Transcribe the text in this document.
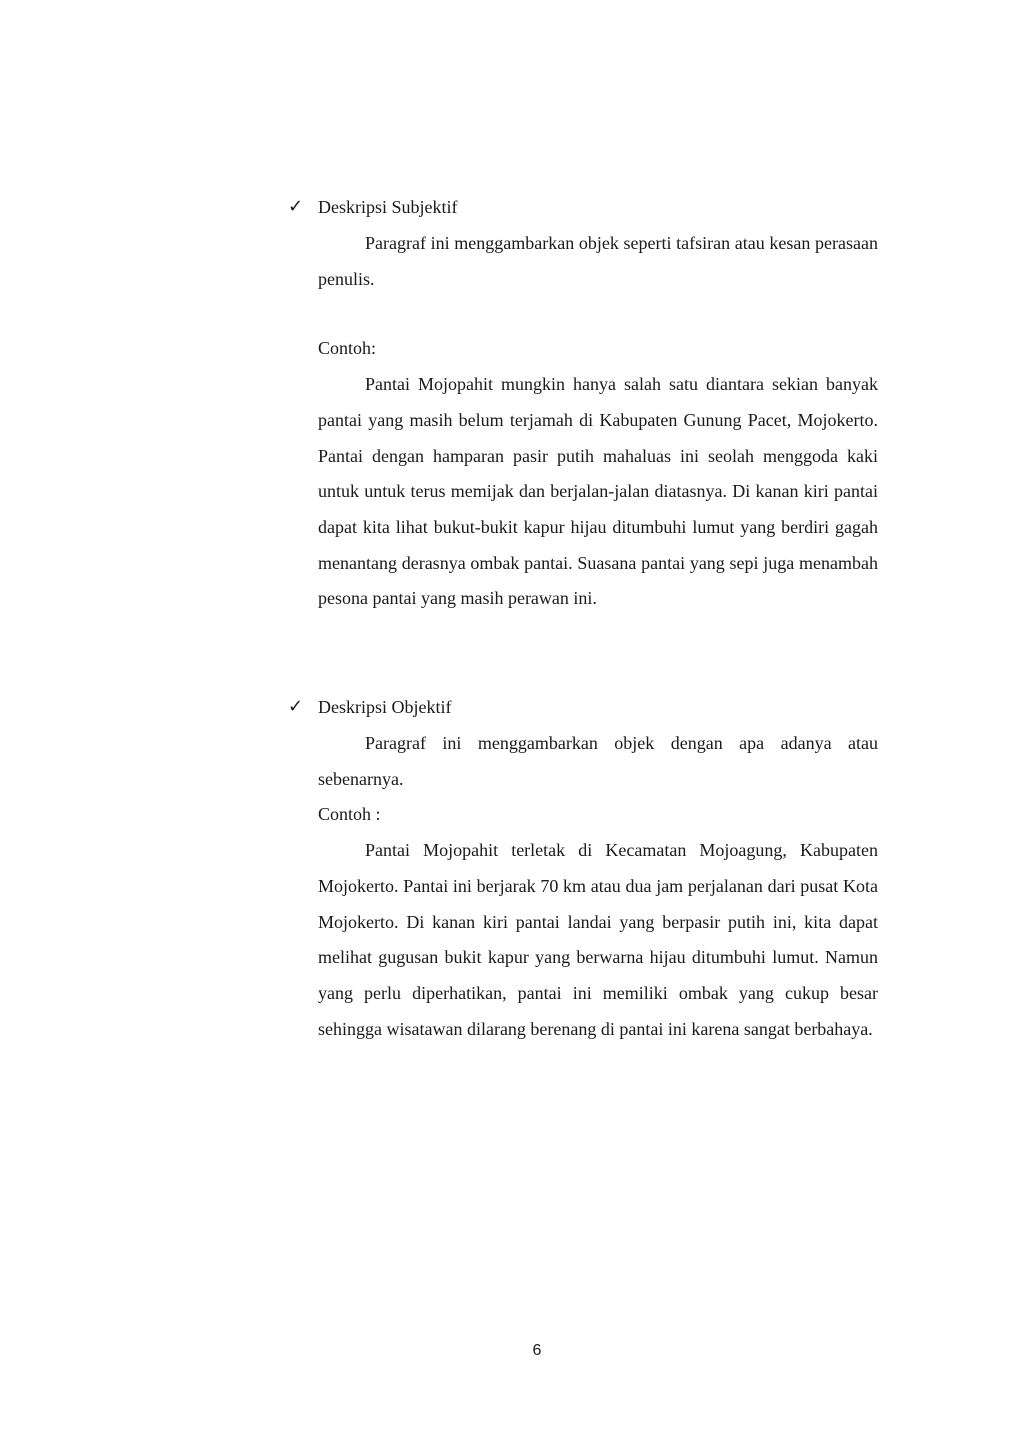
✓ Deskripsi Subjektif

Paragraf ini menggambarkan objek seperti tafsiran atau kesan perasaan penulis.

Contoh:

Pantai Mojopahit mungkin hanya salah satu diantara sekian banyak pantai yang masih belum terjamah di Kabupaten Gunung Pacet, Mojokerto. Pantai dengan hamparan pasir putih mahaluas ini seolah menggoda kaki untuk untuk terus memijak dan berjalan-jalan diatasnya. Di kanan kiri pantai dapat kita lihat bukut-bukit kapur hijau ditumbuhi lumut yang berdiri gagah menantang derasnya ombak pantai. Suasana pantai yang sepi juga menambah pesona pantai yang masih perawan ini.

✓ Deskripsi Objektif

Paragraf ini menggambarkan objek dengan apa adanya atau sebenarnya.

Contoh :

Pantai Mojopahit terletak di Kecamatan Mojoagung, Kabupaten Mojokerto. Pantai ini berjarak 70 km atau dua jam perjalanan dari pusat Kota Mojokerto. Di kanan kiri pantai landai yang berpasir putih ini, kita dapat melihat gugusan bukit kapur yang berwarna hijau ditumbuhi lumut. Namun yang perlu diperhatikan, pantai ini memiliki ombak yang cukup besar sehingga wisatawan dilarang berenang di pantai ini karena sangat berbahaya.

6
